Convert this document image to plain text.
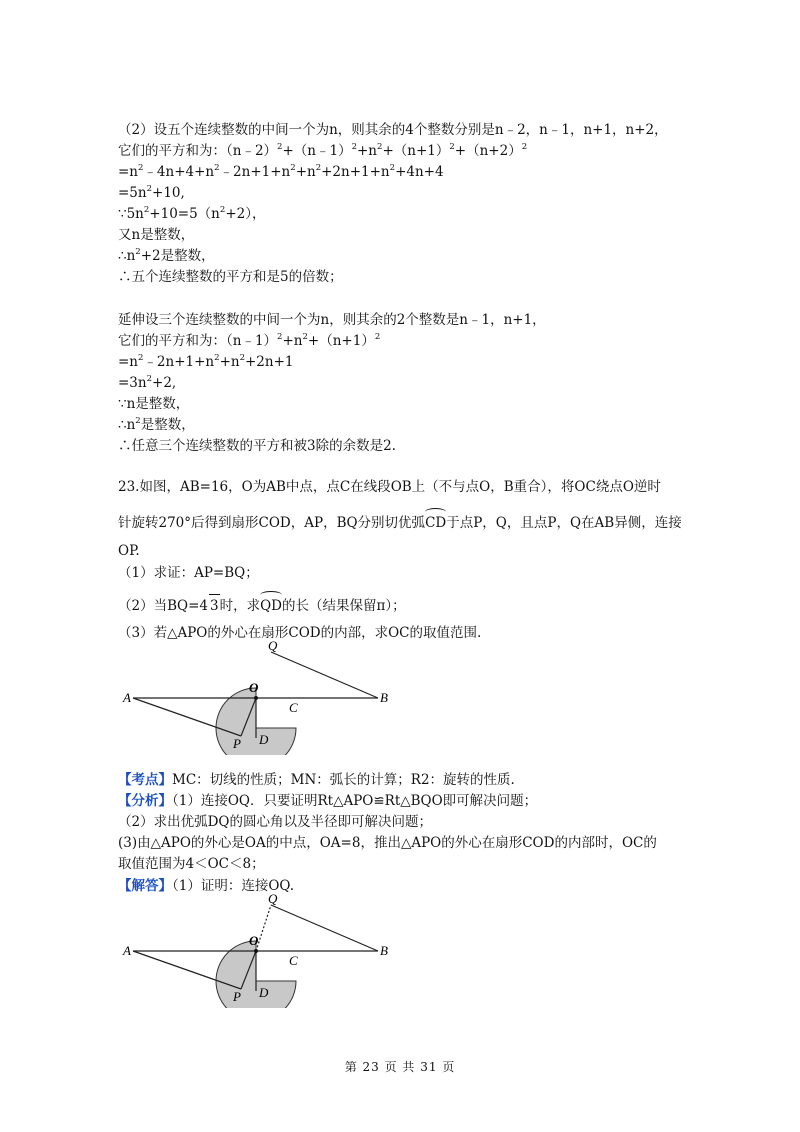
（2）设五个连续整数的中间一个为n，则其余的4个整数分别是n﹣2，n﹣1，n+1，n+2，
它们的平方和为：$(n﹣2)^2+(n﹣1)^2+n^2+(n+1)^2+(n+2)^2$
$=n^2﹣4n+4+n^2﹣2n+1+n^2+n^2+2n+1+n^2+4n+4$
$=5n^2+10$,
$\because 5n^2+10=5(n^2+2)$，
又n是整数，
$\therefore n^2+2$是整数，
∴五个连续整数的平方和是5的倍数；
延伸设三个连续整数的中间一个为n，则其余的2个整数是n﹣1，n+1，
它们的平方和为：$(n﹣1)^2+n^2+(n+1)^2$
$=n^2﹣2n+1+n^2+n^2+2n+1$
$=3n^2+2$,
∵n是整数，
$\therefore n^2$是整数，
∴任意三个连续整数的平方和被3除的余数是2.
23.如图，AB=16，O为AB中点，点C在线段OB上（不与点O，B重合），将OC绕点O逆时
针旋转270°后得到扇形COD，AP，BQ分别切优弧CD于点P，Q，且点P，Q在AB异侧，连接
OP.
（1）求证：AP=BQ；
（2）当BQ=4 3时，求QD的长（结果保留π）；
（3）若△APO的外心在扇形COD的内部，求OC的取值范围.
A	B
O
C
P
Q
D
【考点】MC：切线的性质；MN：弧长的计算；R2：旋转的性质.
【分析】（1）连接OQ．只要证明Rt△APO≌Rt△BQO即可解决问题；
（2）求出优弧DQ的圆心角以及半径即可解决问题；
(3)由△APO的外心是OA的中点，OA=8，推出△APO的外心在扇形COD的内部时，OC的
取值范围为4＜OC＜8；
【解答】（1）证明：连接OQ.
A	B
O
C
P
Q
D
第 23 页 共 31 页
